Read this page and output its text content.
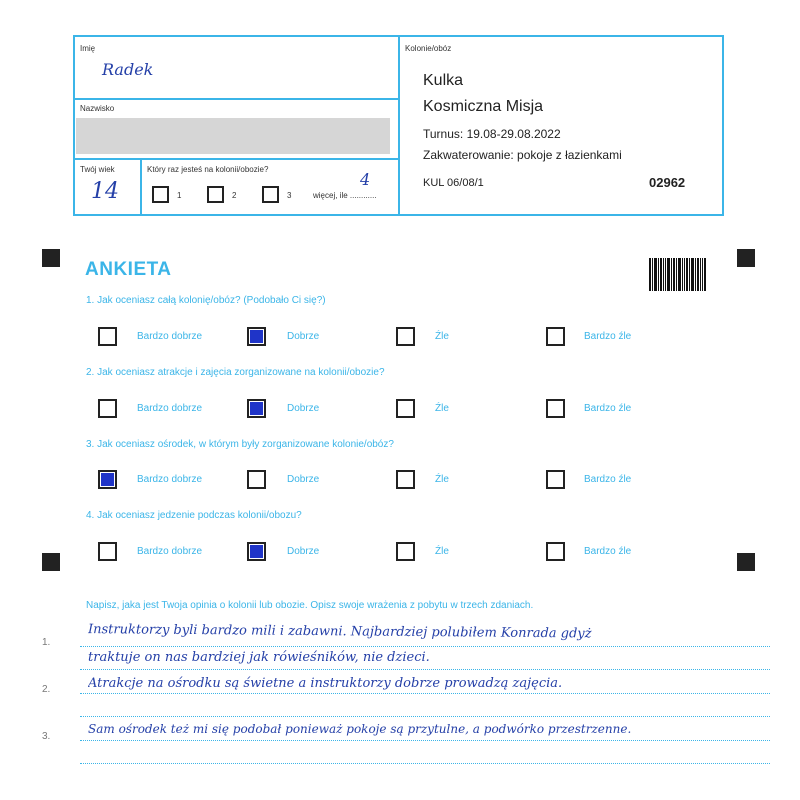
Imię
Radek
Nazwisko
Twój wiek
14
Który raz jesteś na kolonii/obozie?
1	2	3	więcej, ile ............
4
Kolonie/obóz
Kulka
Kosmiczna Misja
Turnus: 19.08-29.08.2022
Zakwaterowanie: pokoje z łazienkami
KUL 06/08/1	02962
ANKIETA
1. Jak oceniasz całą kolonię/obóz? (Podobało Ci się?)
Bardzo dobrze	Dobrze	Źle	Bardzo źle
2. Jak oceniasz atrakcje i zajęcia zorganizowane na kolonii/obozie?
Bardzo dobrze	Dobrze	Źle	Bardzo źle
3. Jak oceniasz ośrodek, w którym były zorganizowane kolonie/obóz?
Bardzo dobrze	Dobrze	Źle	Bardzo źle
4. Jak oceniasz jedzenie podczas kolonii/obozu?
Bardzo dobrze	Dobrze	Źle	Bardzo źle
Napisz, jaka jest Twoja opinia o kolonii lub obozie. Opisz swoje wrażenia z pobytu w trzech zdaniach.
1.
2.
3.
Instruktorzy byli bardzo mili i zabawni. Najbardziej polubiłem Konrada gdyż
traktuje on nas bardziej jak rówieśników, nie dzieci.
Atrakcje na ośrodku są świetne a instruktorzy dobrze prowadzą zajęcia.
Sam ośrodek też mi się podobał ponieważ pokoje są przytulne, a podwórko przestrzenne.
